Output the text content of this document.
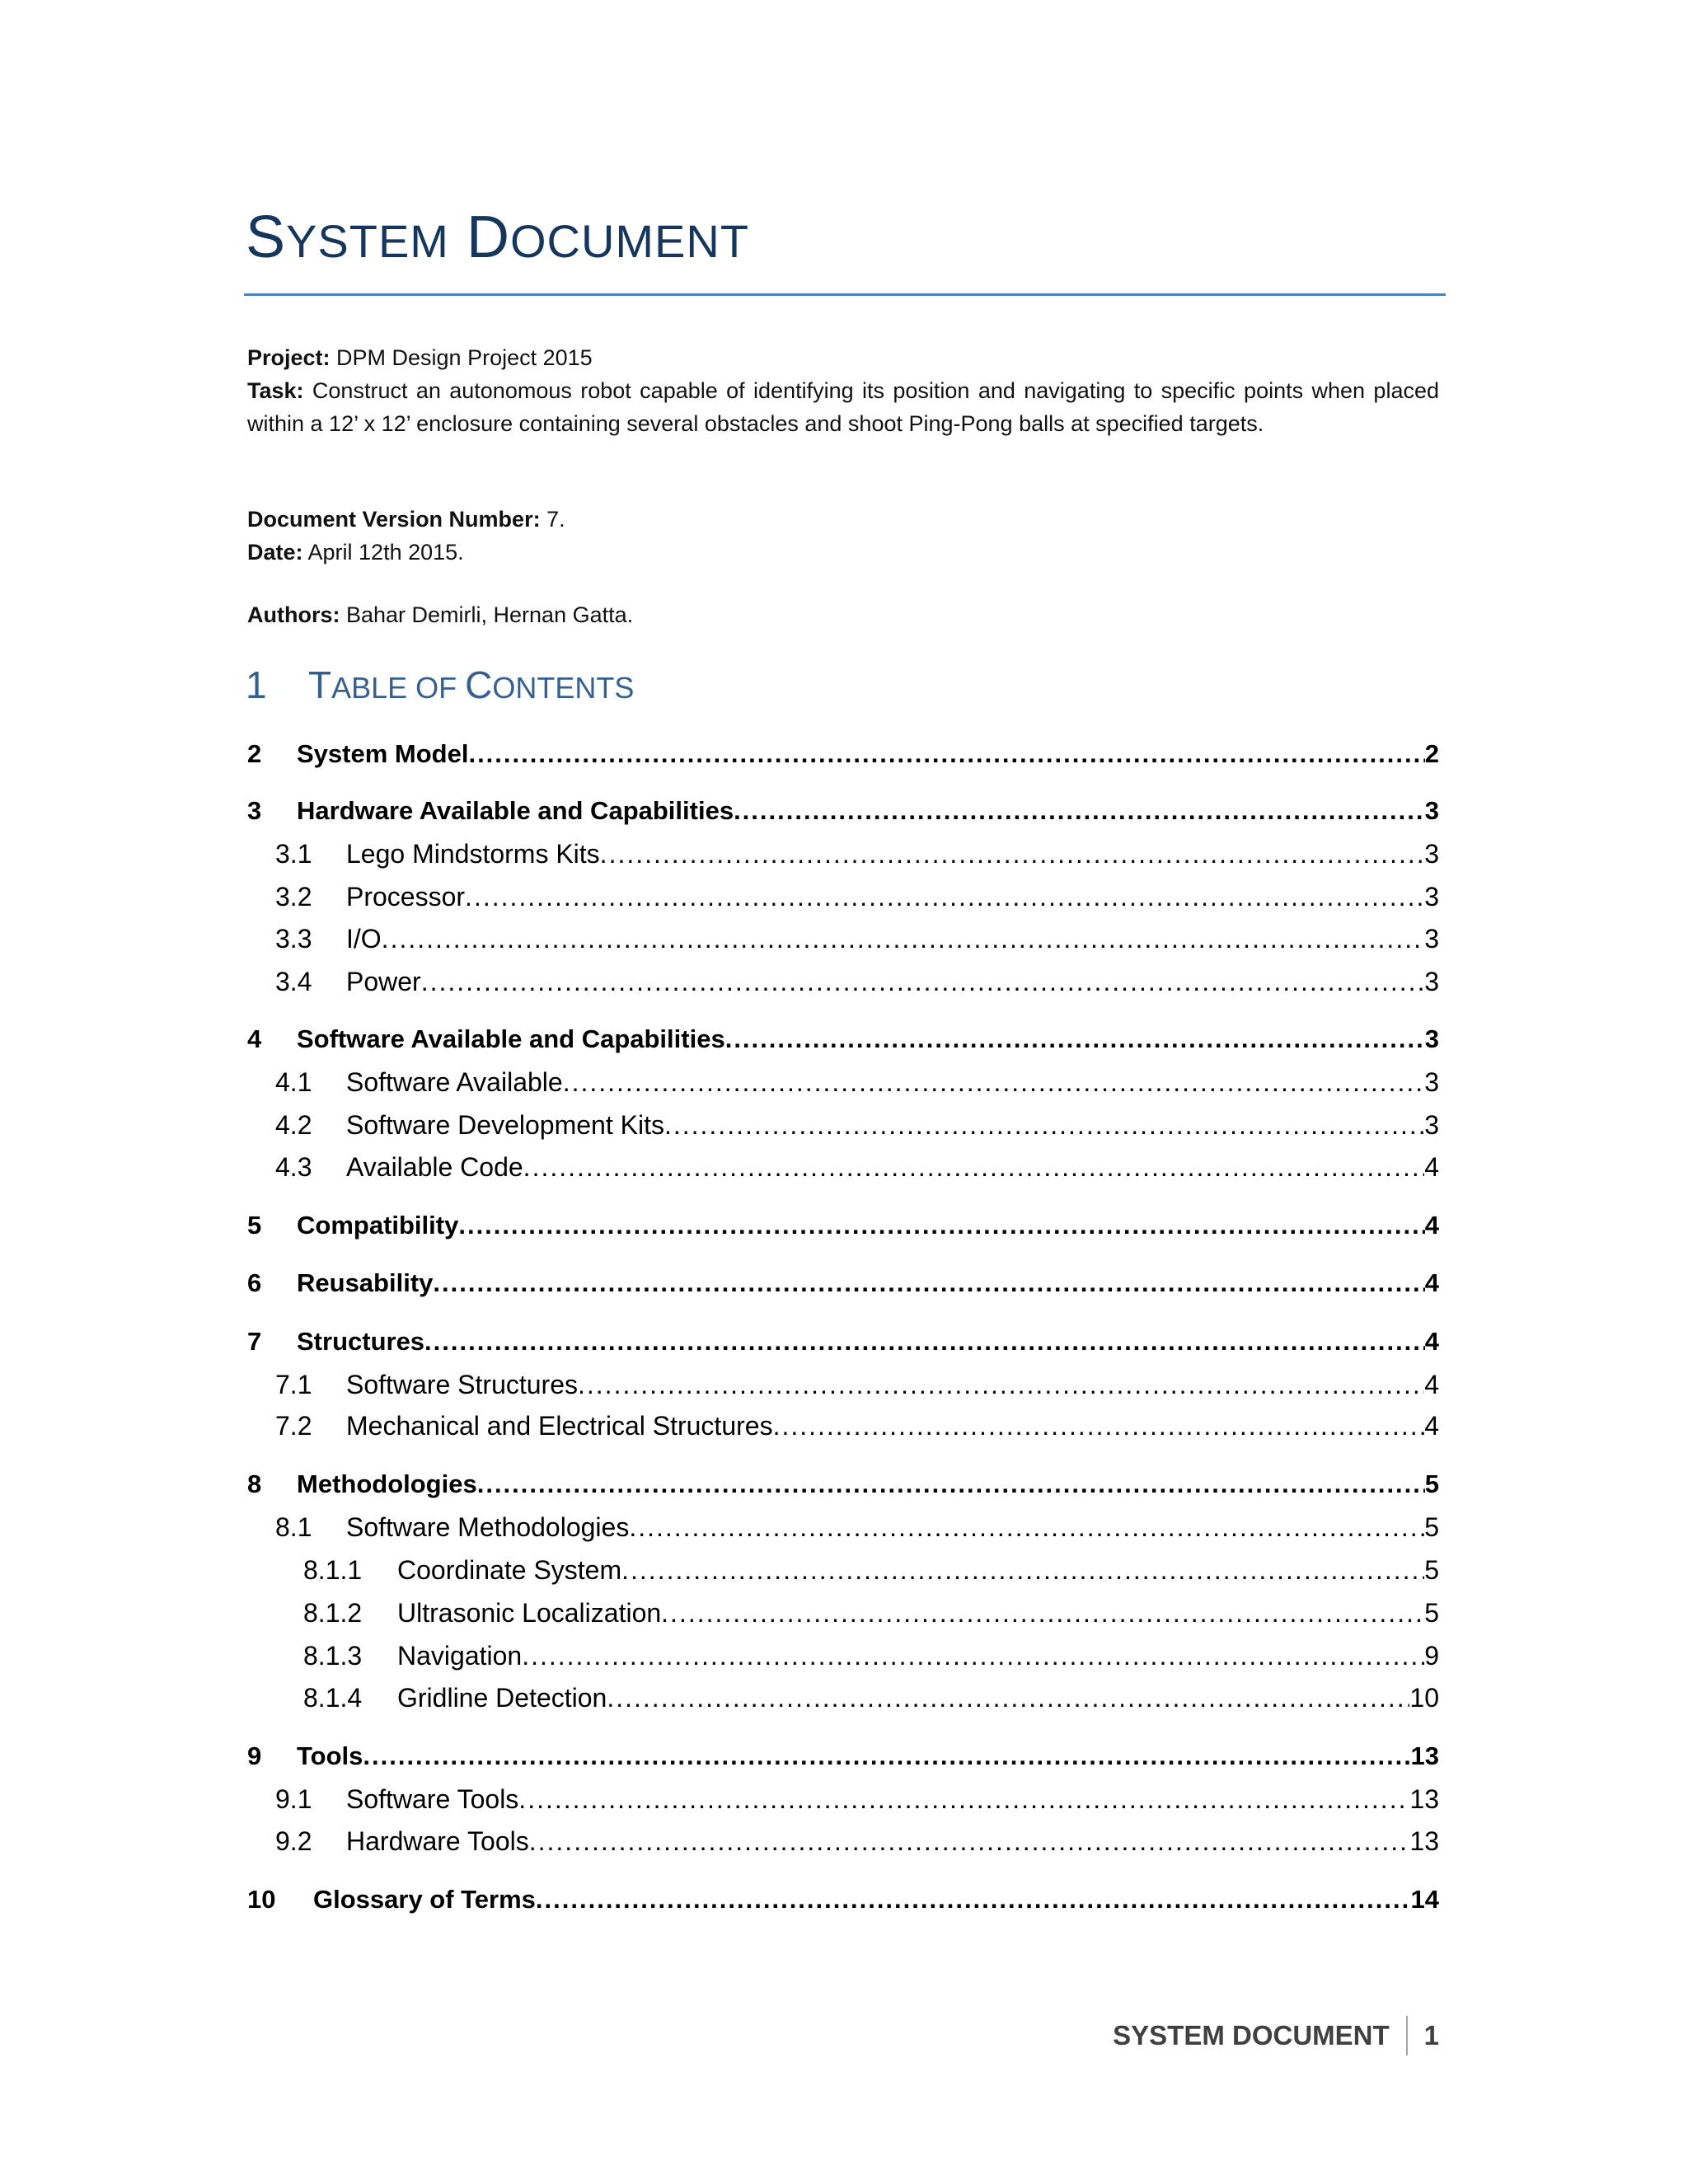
SYSTEM DOCUMENT
Project: DPM Design Project 2015
Task: Construct an autonomous robot capable of identifying its position and navigating to specific points when placed within a 12’ x 12’ enclosure containing several obstacles and shoot Ping-Pong balls at specified targets.
Document Version Number: 7.
Date: April 12th 2015.
Authors: Bahar Demirli, Hernan Gatta.
1 TABLE OF CONTENTS
2	System Model .....	2
3	Hardware Available and Capabilities .....	3
3.1	Lego Mindstorms Kits .....	3
3.2	Processor .....	3
3.3	I/O .....	3
3.4	Power .....	3
4	Software Available and Capabilities .....	3
4.1	Software Available .....	3
4.2	Software Development Kits .....	3
4.3	Available Code .....	4
5	Compatibility .....	4
6	Reusability .....	4
7	Structures .....	4
7.1	Software Structures .....	4
7.2	Mechanical and Electrical Structures .....	4
8	Methodologies .....	5
8.1	Software Methodologies .....	5
8.1.1	Coordinate System .....	5
8.1.2	Ultrasonic Localization .....	5
8.1.3	Navigation .....	9
8.1.4	Gridline Detection .....	10
9	Tools .....	13
9.1	Software Tools .....	13
9.2	Hardware Tools .....	13
10	Glossary of Terms .....	14
SYSTEM DOCUMENT 1
